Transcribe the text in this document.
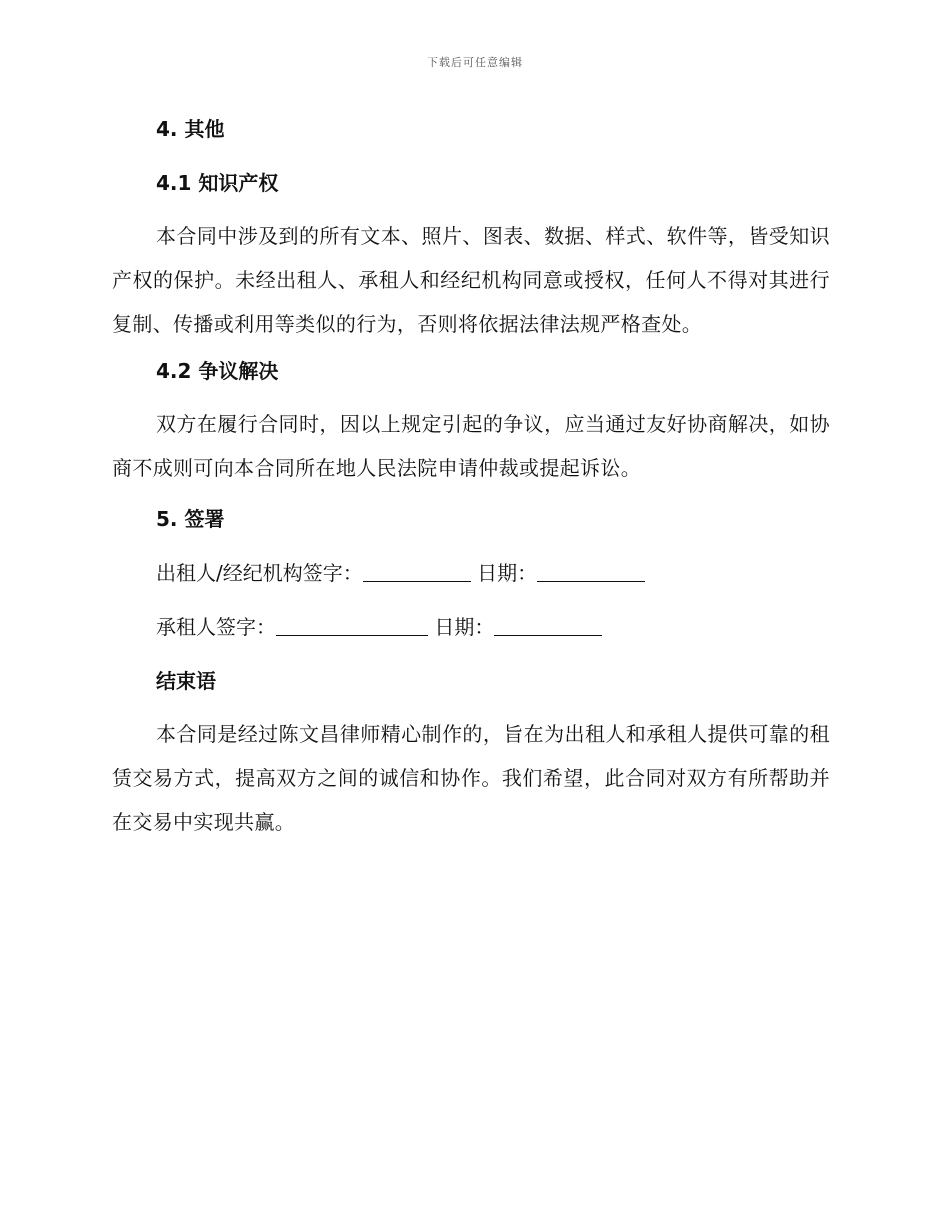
下载后可任意编辑
4. 其他
4.1 知识产权

本合同中涉及到的所有文本、照片、图表、数据、样式、软件等，皆受知识产权的保护。未经出租人、承租人和经纪机构同意或授权，任何人不得对其进行复制、传播或利用等类似的行为，否则将依据法律法规严格查处。

4.2 争议解决

双方在履行合同时，因以上规定引起的争议，应当通过友好协商解决，如协商不成则可向本合同所在地人民法院申请仲裁或提起诉讼。

5. 签署
出租人/经纪机构签字：	日期：
承租人签字：	日期：
结束语

本合同是经过陈文昌律师精心制作的，旨在为出租人和承租人提供可靠的租赁交易方式，提高双方之间的诚信和协作。我们希望，此合同对双方有所帮助并在交易中实现共赢。
